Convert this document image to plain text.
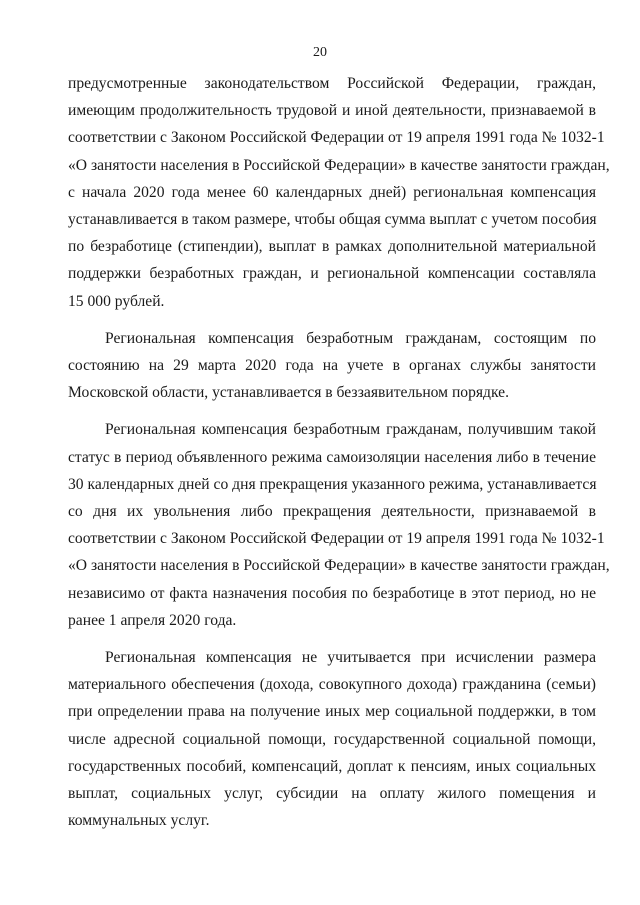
20
предусмотренные законодательством Российской Федерации, граждан,
имеющим продолжительность трудовой и иной деятельности, признаваемой в
соответствии с Законом Российской Федерации от 19 апреля 1991 года № 1032-1
«О занятости населения в Российской Федерации» в качестве занятости граждан,
с начала 2020 года менее 60 календарных дней) региональная компенсация
устанавливается в таком размере, чтобы общая сумма выплат с учетом пособия
по безработице (стипендии), выплат в рамках дополнительной материальной
поддержки безработных граждан, и региональной компенсации составляла
15 000 рублей.
Региональная компенсация безработным гражданам, состоящим по
состоянию на 29 марта 2020 года на учете в органах службы занятости
Московской области, устанавливается в беззаявительном порядке.
Региональная компенсация безработным гражданам, получившим такой
статус в период объявленного режима самоизоляции населения либо в течение
30 календарных дней со дня прекращения указанного режима, устанавливается
со дня их увольнения либо прекращения деятельности, признаваемой в
соответствии с Законом Российской Федерации от 19 апреля 1991 года № 1032-1
«О занятости населения в Российской Федерации» в качестве занятости граждан,
независимо от факта назначения пособия по безработице в этот период, но не
ранее 1 апреля 2020 года.
Региональная компенсация не учитывается при исчислении размера
материального обеспечения (дохода, совокупного дохода) гражданина (семьи)
при определении права на получение иных мер социальной поддержки, в том
числе адресной социальной помощи, государственной социальной помощи,
государственных пособий, компенсаций, доплат к пенсиям, иных социальных
выплат, социальных услуг, субсидии на оплату жилого помещения и
коммунальных услуг.
